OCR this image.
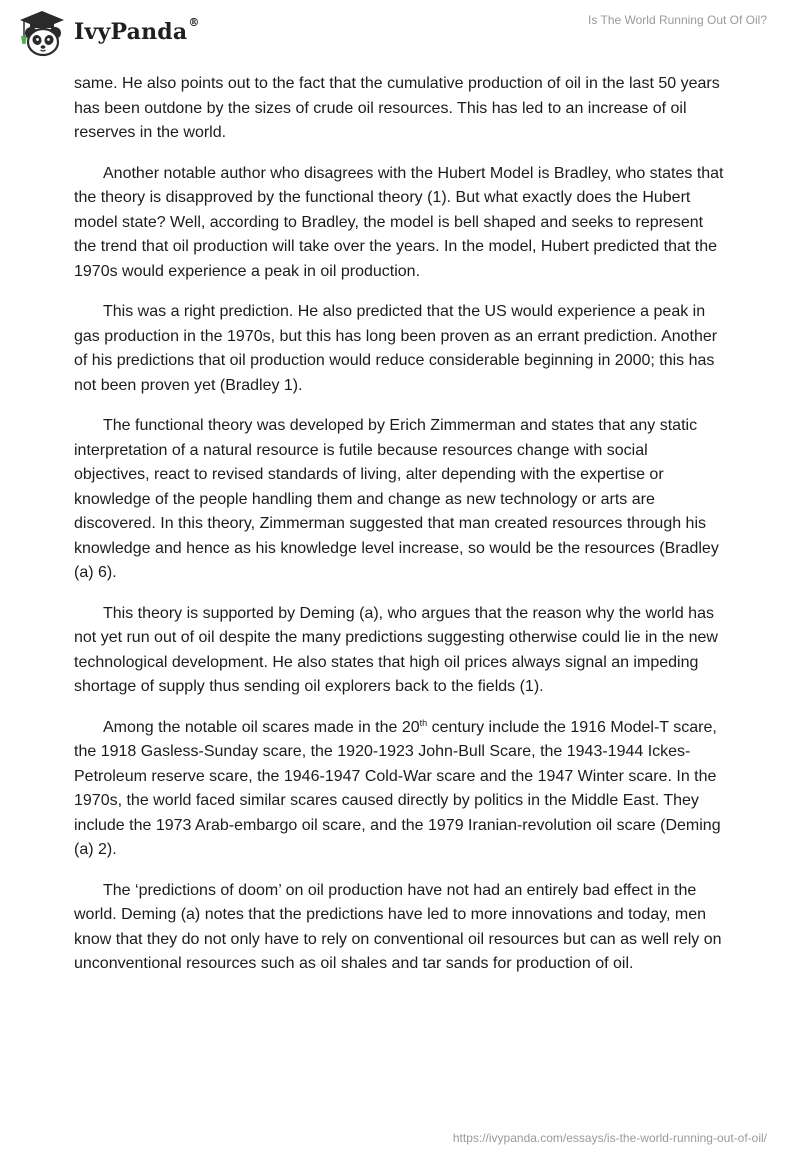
IvyPanda ®	Is The World Running Out Of Oil?

same. He also points out to the fact that the cumulative production of oil in the last 50 years has been outdone by the sizes of crude oil resources. This has led to an increase of oil reserves in the world.

Another notable author who disagrees with the Hubert Model is Bradley, who states that the theory is disapproved by the functional theory (1). But what exactly does the Hubert model state? Well, according to Bradley, the model is bell shaped and seeks to represent the trend that oil production will take over the years. In the model, Hubert predicted that the 1970s would experience a peak in oil production.

This was a right prediction. He also predicted that the US would experience a peak in gas production in the 1970s, but this has long been proven as an errant prediction. Another of his predictions that oil production would reduce considerable beginning in 2000; this has not been proven yet (Bradley 1).

The functional theory was developed by Erich Zimmerman and states that any static interpretation of a natural resource is futile because resources change with social objectives, react to revised standards of living, alter depending with the expertise or knowledge of the people handling them and change as new technology or arts are discovered. In this theory, Zimmerman suggested that man created resources through his knowledge and hence as his knowledge level increase, so would be the resources (Bradley (a) 6).

This theory is supported by Deming (a), who argues that the reason why the world has not yet run out of oil despite the many predictions suggesting otherwise could lie in the new technological development. He also states that high oil prices always signal an impeding shortage of supply thus sending oil explorers back to the fields (1).

Among the notable oil scares made in the 20th century include the 1916 Model-T scare, the 1918 Gasless-Sunday scare, the 1920-1923 John-Bull Scare, the 1943-1944 Ickes-Petroleum reserve scare, the 1946-1947 Cold-War scare and the 1947 Winter scare. In the 1970s, the world faced similar scares caused directly by politics in the Middle East. They include the 1973 Arab-embargo oil scare, and the 1979 Iranian-revolution oil scare (Deming (a) 2).

The ‘predictions of doom’ on oil production have not had an entirely bad effect in the world. Deming (a) notes that the predictions have led to more innovations and today, men know that they do not only have to rely on conventional oil resources but can as well rely on unconventional resources such as oil shales and tar sands for production of oil.

https://ivypanda.com/essays/is-the-world-running-out-of-oil/
